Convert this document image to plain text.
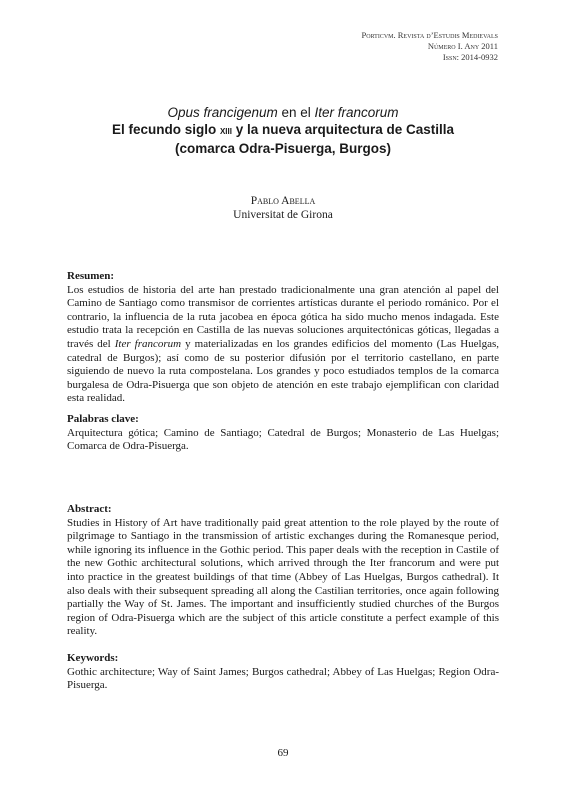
Porticvm. Revista d’Estudis Medievals
Número I. Any 2011
Issn: 2014-0932
Opus francigenum en el Iter francorum
El fecundo siglo xiii y la nueva arquitectura de Castilla
(comarca Odra-Pisuerga, Burgos)
Pablo Abella
Universitat de Girona
Resumen:
Los estudios de historia del arte han prestado tradicionalmente una gran atención al papel del Camino de Santiago como transmisor de corrientes artísticas durante el periodo románico. Por el contrario, la influencia de la ruta jacobea en época gótica ha sido mucho menos indagada. Este estudio trata la recepción en Castilla de las nuevas soluciones arquitectónicas góticas, llegadas a través del Iter francorum y materializadas en los grandes edificios del momento (Las Huelgas, catedral de Burgos); así como de su posterior difusión por el territorio castellano, en parte siguiendo de nuevo la ruta compostelana. Los grandes y poco estudiados templos de la comarca burgalesa de Odra-Pisuerga que son objeto de atención en este trabajo ejemplifican con claridad esta realidad.
Palabras clave:
Arquitectura gótica; Camino de Santiago; Catedral de Burgos; Monasterio de Las Huelgas; Comarca de Odra-Pisuerga.
Abstract:
Studies in History of Art have traditionally paid great attention to the role played by the route of pilgrimage to Santiago in the transmission of artistic exchanges during the Romanesque period, while ignoring its influence in the Gothic period. This paper deals with the reception in Castile of the new Gothic architectural solutions, which arrived through the Iter francorum and were put into practice in the greatest buildings of that time (Abbey of Las Huelgas, Burgos cathedral). It also deals with their subsequent spreading all along the Castilian territories, once again following partially the Way of St. James. The important and insufficiently studied churches of the Burgos region of Odra-Pisuerga which are the subject of this article constitute a perfect example of this reality.
Keywords:
Gothic architecture; Way of Saint James; Burgos cathedral; Abbey of Las Huelgas; Region Odra-Pisuerga.
69
